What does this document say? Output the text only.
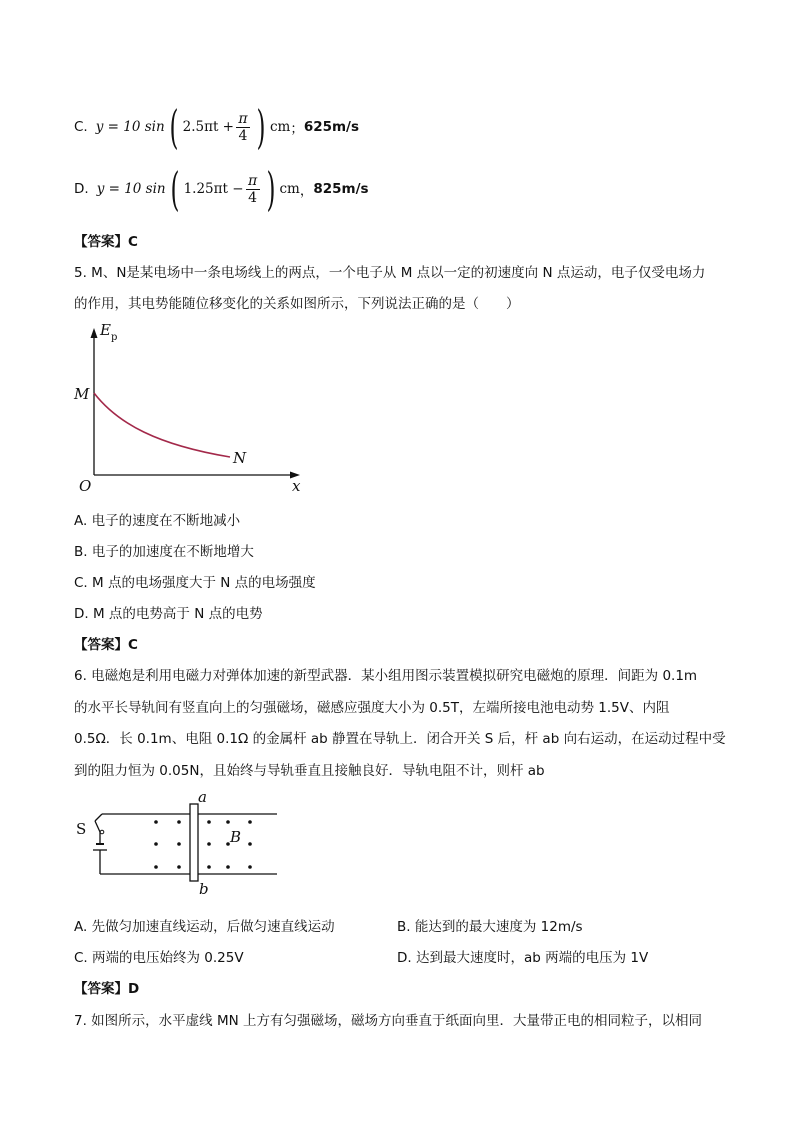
C. y = 10 sin ( $2.5\pi t + \frac{\pi}{4}$ ) cm ； 625m/s
D. y = 10 sin ( $1.25\pi t - \frac{\pi}{4}$ ) cm ， 825m/s
【答案】C
5. M、N是某电场中一条电场线上的两点，一个电子从 M 点以一定的初速度向 N 点运动，电子仅受电场力
的作用，其电势能随位移变化的关系如图所示，下列说法正确的是（　　）
$E_p$
M
N
O	x
A. 电子的速度在不断地减小
B. 电子的加速度在不断地增大
C. M 点的电场强度大于 N 点的电场强度
D. M 点的电势高于 N 点的电势
【答案】C
6. 电磁炮是利用电磁力对弹体加速的新型武器．某小组用图示装置模拟研究电磁炮的原理．间距为 0.1m
的水平长导轨间有竖直向上的匀强磁场，磁感应强度大小为 0.5T，左端所接电池电动势 1.5V、内阻
0.5Ω．长 0.1m、电阻 0.1Ω 的金属杆 ab 静置在导轨上．闭合开关 S 后，杆 ab 向右运动，在运动过程中受
到的阻力恒为 0.05N，且始终与导轨垂直且接触良好．导轨电阻不计，则杆 ab
a
b
S	B
A. 先做匀加速直线运动，后做匀速直线运动	B. 能达到的最大速度为 12m/s
C. 两端的电压始终为 0.25V	D. 达到最大速度时，ab 两端的电压为 1V
【答案】D
7. 如图所示，水平虚线 MN 上方有匀强磁场，磁场方向垂直于纸面向里．大量带正电的相同粒子，以相同
